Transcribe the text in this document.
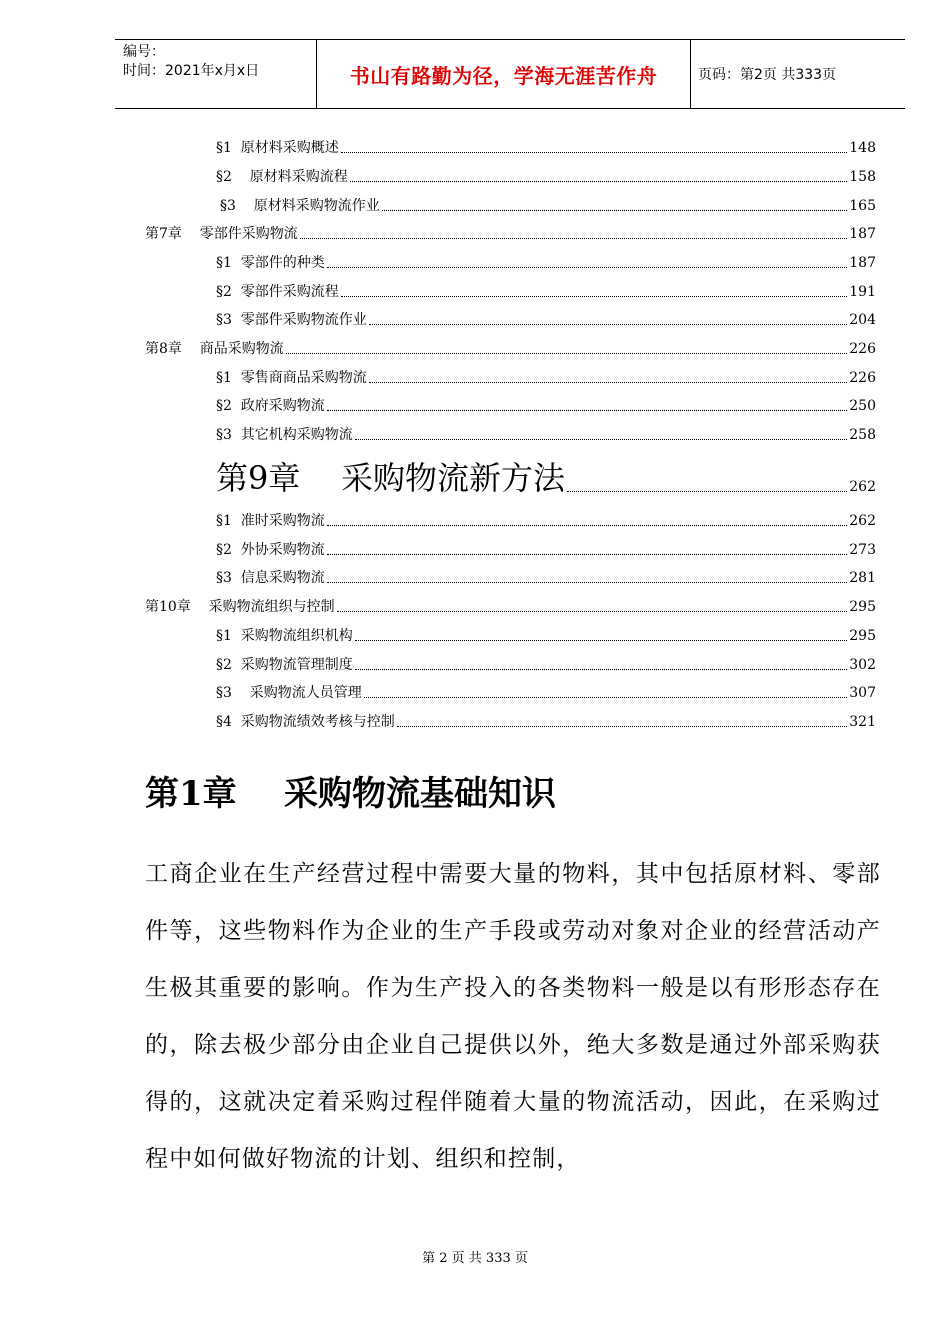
编号：
时间：2021年x月x日	书山有路勤为径，学海无涯苦作舟	页码：第2页 共333页
§1  原材料采购概述	148
§2    原材料采购流程	158
§3    原材料采购物流作业	165
第7章    零部件采购物流	187
§1  零部件的种类	187
§2  零部件采购流程	191
§3  零部件采购物流作业	204
第8章    商品采购物流	226
§1  零售商商品采购物流	226
§2  政府采购物流	250
§3  其它机构采购物流	258
第9章    采购物流新方法	262
§1  准时采购物流	262
§2  外协采购物流	273
§3  信息采购物流	281
第10章    采购物流组织与控制	295
§1  采购物流组织机构	295
§2  采购物流管理制度	302
§3    采购物流人员管理	307
§4  采购物流绩效考核与控制	321
第1章    采购物流基础知识
工商企业在生产经营过程中需要大量的物料，其中包括原材料、零部件等，这些物料作为企业的生产手段或劳动对象对企业的经营活动产生极其重要的影响。作为生产投入的各类物料一般是以有形形态存在的，除去极少部分由企业自己提供以外，绝大多数是通过外部采购获得的，这就决定着采购过程伴随着大量的物流活动，因此，在采购过程中如何做好物流的计划、组织和控制，
第 2 页 共 333 页
